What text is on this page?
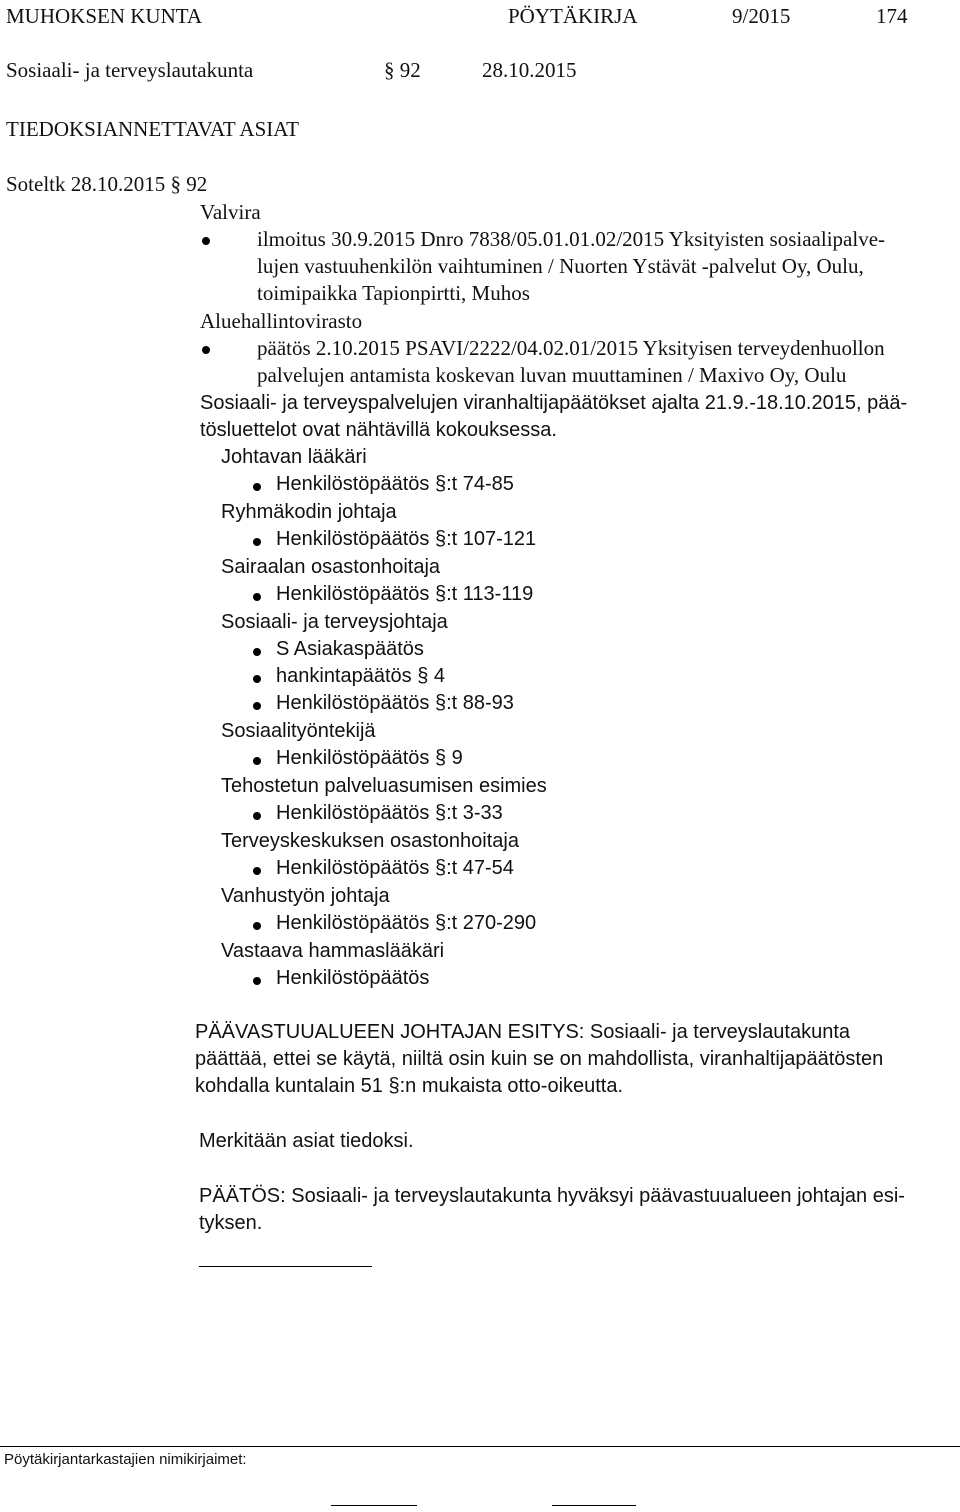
MUHOKSEN KUNTA	PÖYTÄKIRJA	9/2015	174
Sosiaali- ja terveyslautakunta	§ 92	28.10.2015
TIEDOKSIANNETTAVAT ASIAT
Soteltk 28.10.2015 § 92
Valvira
ilmoitus 30.9.2015 Dnro 7838/05.01.01.02/2015 Yksityisten sosiaalipalve-
lujen vastuuhenkilön vaihtuminen / Nuorten Ystävät -palvelut Oy, Oulu,
toimipaikka Tapionpirtti, Muhos
Aluehallintovirasto
päätös 2.10.2015 PSAVI/2222/04.02.01/2015 Yksityisen terveydenhuollon
palvelujen antamista koskevan luvan muuttaminen / Maxivo Oy, Oulu
Sosiaali- ja terveyspalvelujen viranhaltijapäätökset ajalta 21.9.-18.10.2015, pää-
tösluettelot ovat nähtävillä kokouksessa.
Johtavan lääkäri
Henkilöstöpäätös §:t 74-85
Ryhmäkodin johtaja
Henkilöstöpäätös §:t 107-121
Sairaalan osastonhoitaja
Henkilöstöpäätös §:t 113-119
Sosiaali- ja terveysjohtaja
S Asiakaspäätös
hankintapäätös § 4
Henkilöstöpäätös §:t 88-93
Sosiaalityöntekijä
Henkilöstöpäätös § 9
Tehostetun palveluasumisen esimies
Henkilöstöpäätös §:t 3-33
Terveyskeskuksen osastonhoitaja
Henkilöstöpäätös §:t 47-54
Vanhustyön johtaja
Henkilöstöpäätös §:t 270-290
Vastaava hammaslääkäri
Henkilöstöpäätös
PÄÄVASTUUALUEEN JOHTAJAN ESITYS: Sosiaali- ja terveyslautakunta
päättää, ettei se käytä, niiltä osin kuin se on mahdollista, viranhaltijapäätösten
kohdalla kuntalain 51 §:n mukaista otto-oikeutta.
Merkitään asiat tiedoksi.
PÄÄTÖS: Sosiaali- ja terveyslautakunta hyväksyi päävastuualueen johtajan esi-
tyksen.
Pöytäkirjantarkastajien nimikirjaimet:
